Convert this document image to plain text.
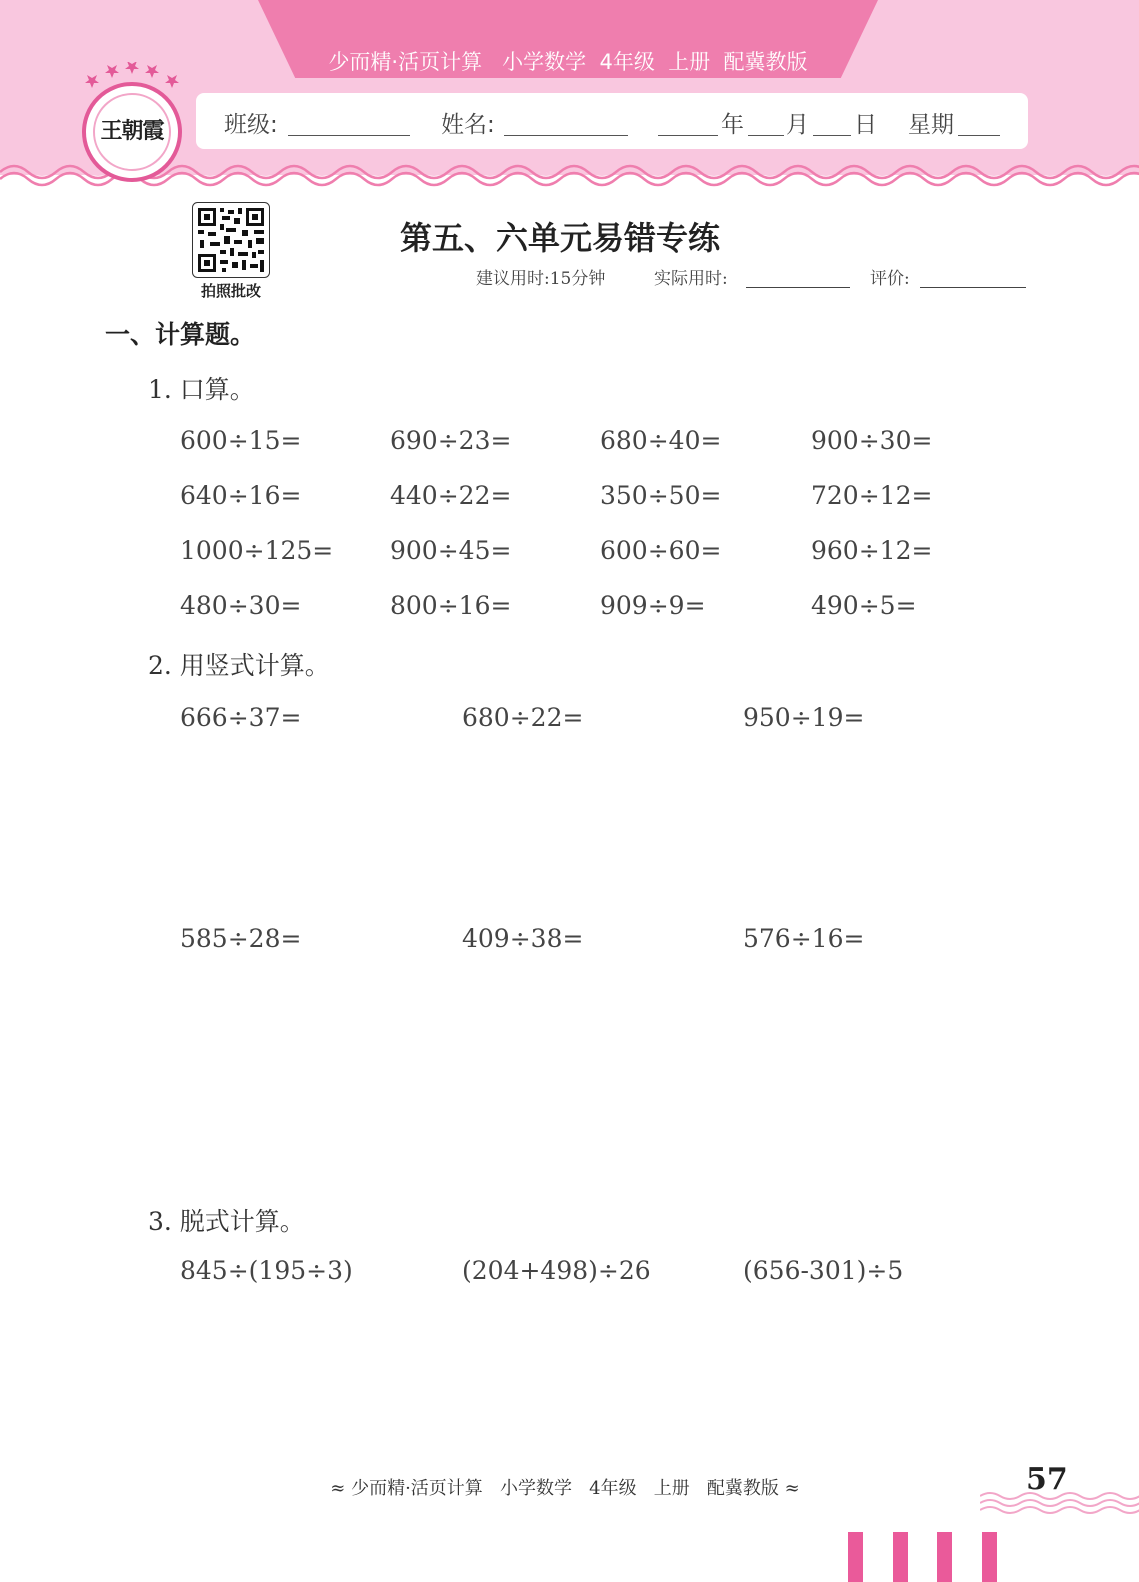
少而精·活页计算   小学数学  4年级  上册  配冀教版
班级:	姓名:	年 月 日 星期
王朝霞
拍照批改
第五、六单元易错专练
建议用时:15分钟	实际用时:	评价:
一、计算题。
1. 口算。
600÷15=	690÷23=	680÷40=	900÷30=
640÷16=	440÷22=	350÷50=	720÷12=
1000÷125= 900÷45=	600÷60=	960÷12=
480÷30=	800÷16=	909÷9=	490÷5=
2. 用竖式计算。
666÷37=	680÷22=	950÷19=
585÷28=	409÷38=	576÷16=
3. 脱式计算。
845÷(195÷3)	(204+498)÷26	(656-301)÷5
≈ 少而精·活页计算   小学数学   4年级   上册   配冀教版 ≈	57
